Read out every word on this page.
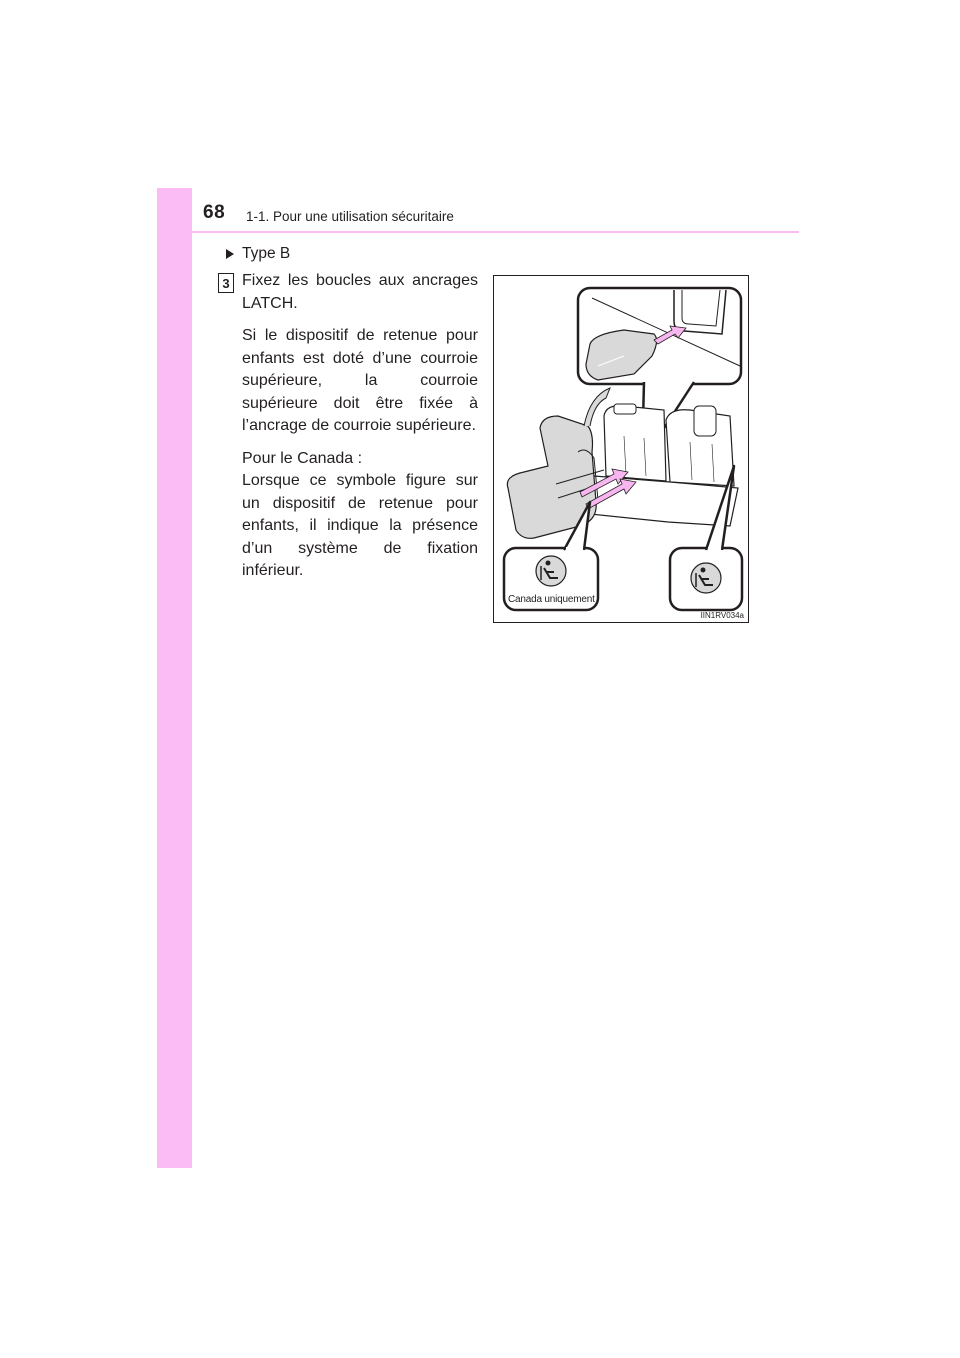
68 1-1. Pour une utilisation sécuritaire
Type B
3 Fixez les boucles aux ancrages LATCH.

Si le dispositif de retenue pour enfants est doté d’une courroie supérieure, la courroie supérieure doit être fixée à l’ancrage de courroie supérieure.

Pour le Canada :

Lorsque ce symbole figure sur un dispositif de retenue pour enfants, il indique la présence d’un système de fixation inférieur.

Canada uniquement
IIN1RV034a
